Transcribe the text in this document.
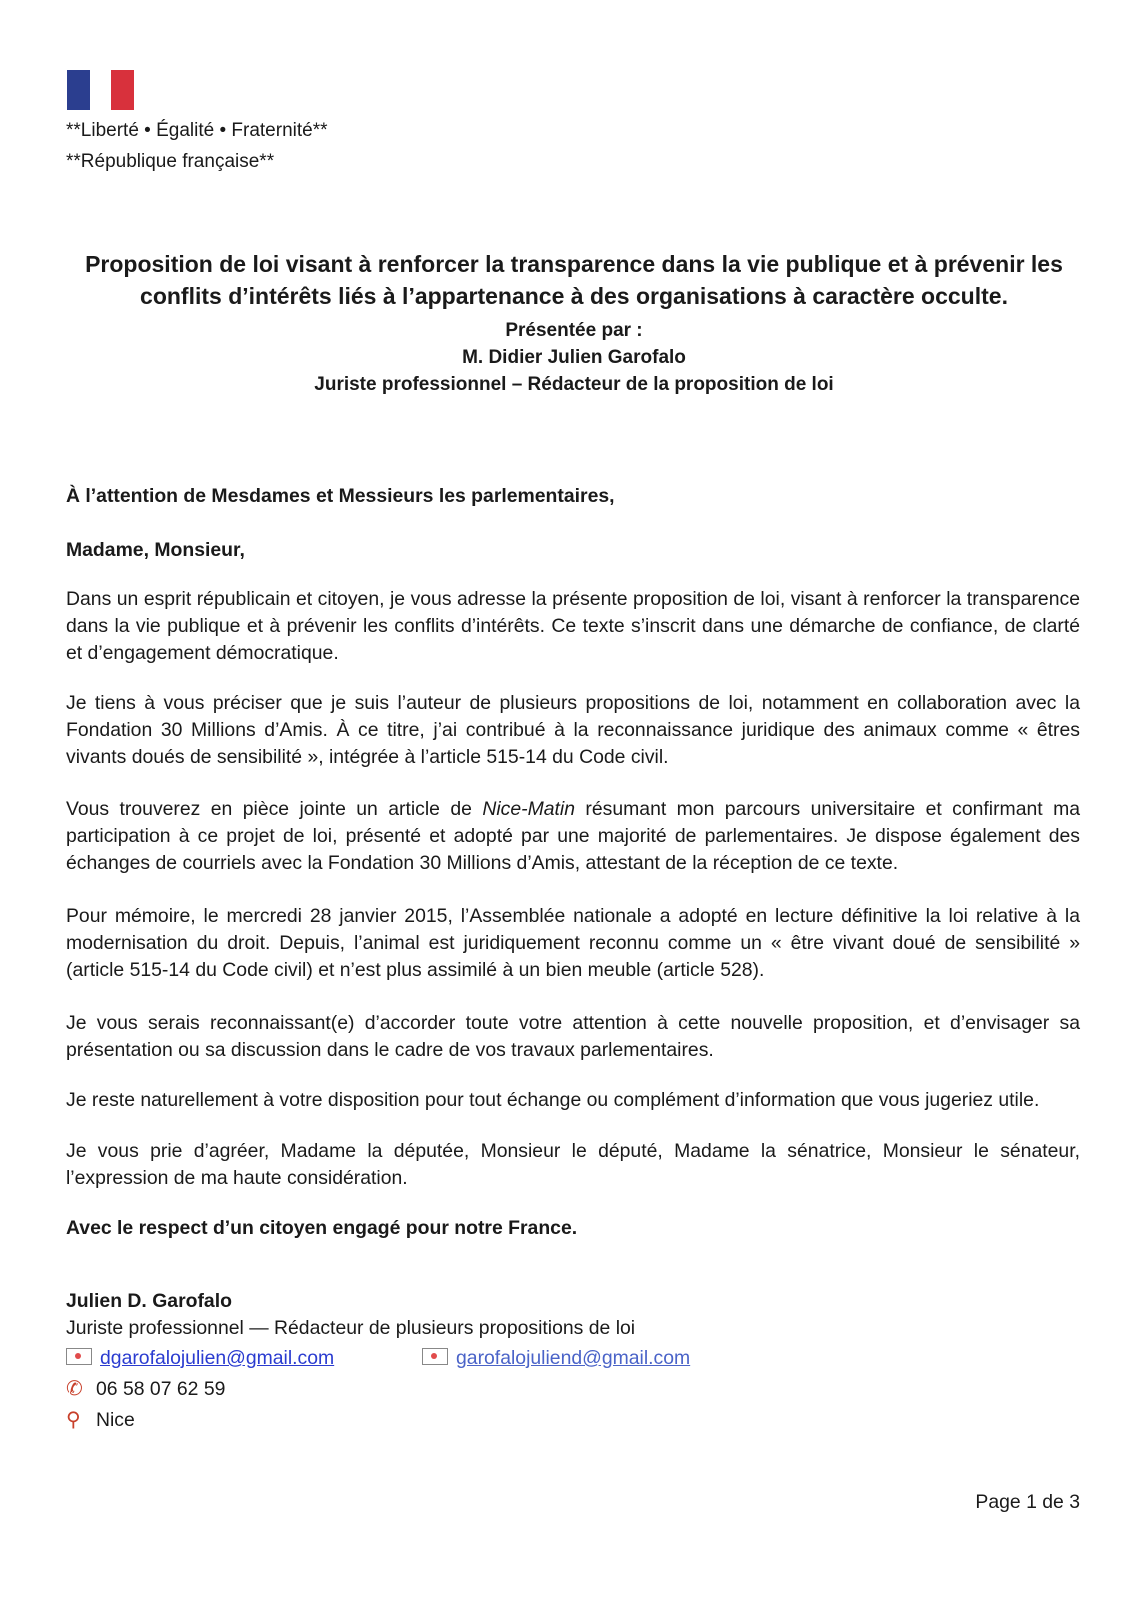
**Liberté • Égalité • Fraternité**
**République française**
Proposition de loi visant à renforcer la transparence dans la vie publique et à prévenir les
conflits d’intérêts liés à l’appartenance à des organisations à caractère occulte.
Présentée par :
M. Didier Julien Garofalo
Juriste professionnel – Rédacteur de la proposition de loi
À l’attention de Mesdames et Messieurs les parlementaires,
Madame, Monsieur,
Dans un esprit républicain et citoyen, je vous adresse la présente proposition de loi, visant à renforcer la transparence dans la vie publique et à prévenir les conflits d’intérêts. Ce texte s’inscrit dans une démarche de confiance, de clarté et d’engagement démocratique.
Je tiens à vous préciser que je suis l’auteur de plusieurs propositions de loi, notamment en collaboration avec la Fondation 30 Millions d’Amis. À ce titre, j’ai contribué à la reconnaissance juridique des animaux comme « êtres vivants doués de sensibilité », intégrée à l’article 515-14 du Code civil.
Vous trouverez en pièce jointe un article de Nice-Matin résumant mon parcours universitaire et confirmant ma participation à ce projet de loi, présenté et adopté par une majorité de parlementaires. Je dispose également des échanges de courriels avec la Fondation 30 Millions d’Amis, attestant de la réception de ce texte.
Pour mémoire, le mercredi 28 janvier 2015, l’Assemblée nationale a adopté en lecture définitive la loi relative à la modernisation du droit. Depuis, l’animal est juridiquement reconnu comme un « être vivant doué de sensibilité » (article 515-14 du Code civil) et n’est plus assimilé à un bien meuble (article 528).
Je vous serais reconnaissant(e) d’accorder toute votre attention à cette nouvelle proposition, et d’envisager sa présentation ou sa discussion dans le cadre de vos travaux parlementaires.
Je reste naturellement à votre disposition pour tout échange ou complément d’information que vous jugeriez utile.
Je vous prie d’agréer, Madame la députée, Monsieur le député, Madame la sénatrice, Monsieur le sénateur, l’expression de ma haute considération.
Avec le respect d’un citoyen engagé pour notre France.
Julien D. Garofalo
Juriste professionnel — Rédacteur de plusieurs propositions de loi
dgarofalojulien@gmail.com	garofalojuliend@gmail.com
✆ 06 58 07 62 59
⚲ Nice
Page 1 de 3
